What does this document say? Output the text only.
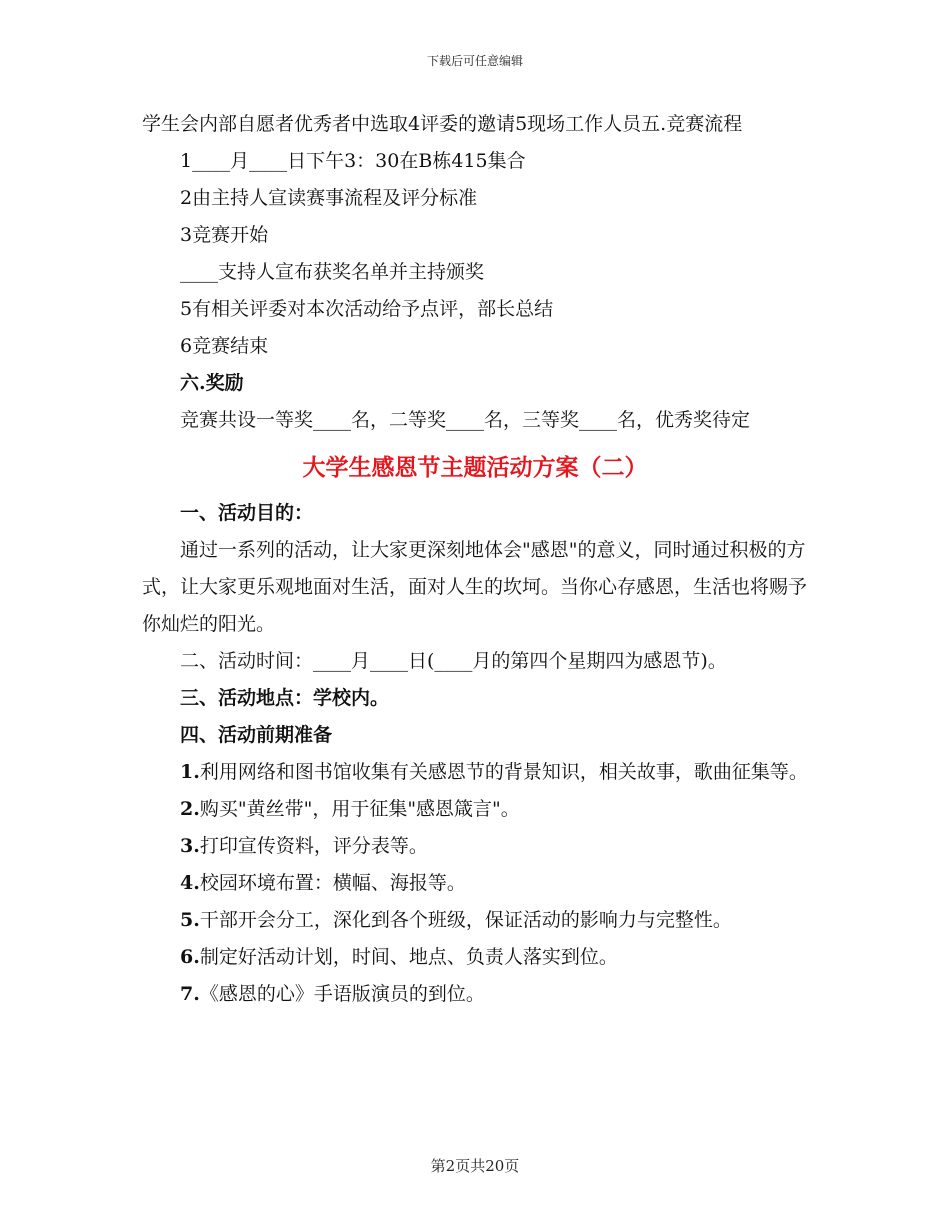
下载后可任意编辑

学生会内部自愿者优秀者中选取4评委的邀请5现场工作人员五.竞赛流程

1____月____日下午3：30在B栋415集合

2由主持人宣读赛事流程及评分标准

3竞赛开始

____支持人宣布获奖名单并主持颁奖

5有相关评委对本次活动给予点评，部长总结

6竞赛结束

六.奖励

竞赛共设一等奖____名，二等奖____名，三等奖____名，优秀奖待定

大学生感恩节主题活动方案（二）

一、活动目的：

通过一系列的活动，让大家更深刻地体会"感恩"的意义，同时通过积极的方式，让大家更乐观地面对生活，面对人生的坎坷。当你心存感恩，生活也将赐予你灿烂的阳光。

二、活动时间：____月____日(____月的第四个星期四为感恩节)。

三、活动地点：学校内。

四、活动前期准备

1.利用网络和图书馆收集有关感恩节的背景知识，相关故事，歌曲征集等。

2.购买"黄丝带"，用于征集"感恩箴言"。

3.打印宣传资料，评分表等。

4.校园环境布置：横幅、海报等。

5.干部开会分工，深化到各个班级，保证活动的影响力与完整性。

6.制定好活动计划，时间、地点、负责人落实到位。

7.《感恩的心》手语版演员的到位。

第2页共20页
